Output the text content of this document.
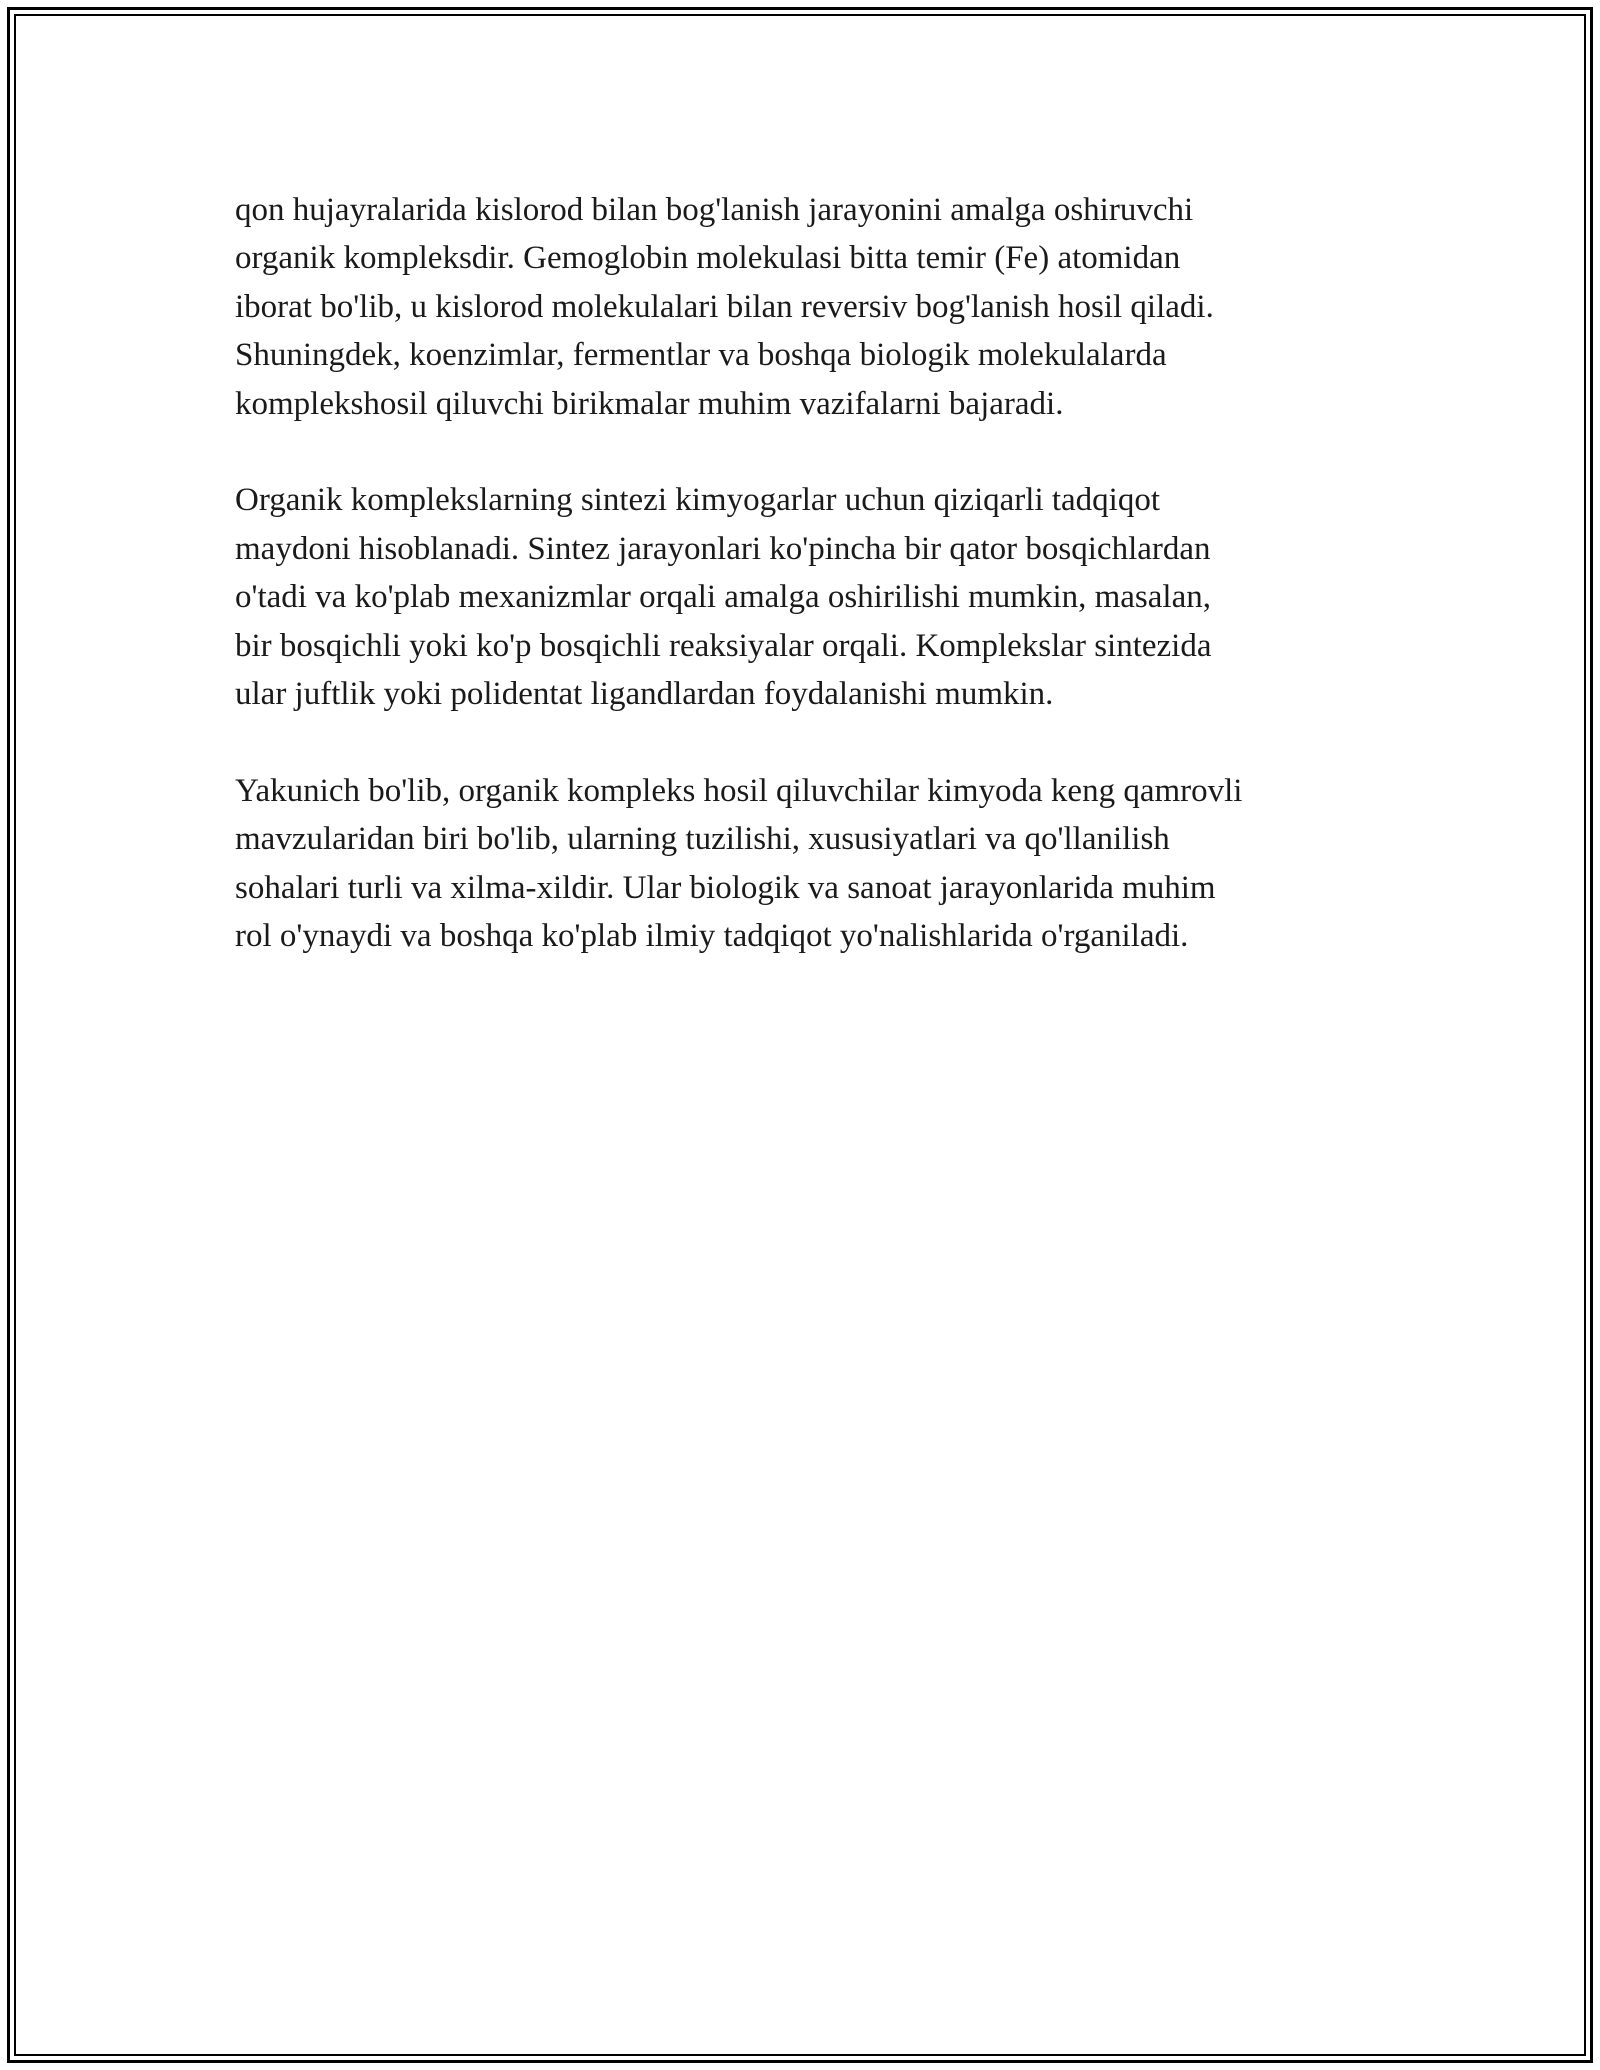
qon hujayralarida kislorod bilan bog'lanish jarayonini amalga oshiruvchi
organik kompleksdir. Gemoglobin molekulasi bitta temir (Fe) atomidan
iborat bo'lib, u kislorod molekulalari bilan reversiv bog'lanish hosil qiladi.
Shuningdek, koenzimlar, fermentlar va boshqa biologik molekulalarda
komplekshosil qiluvchi birikmalar muhim vazifalarni bajaradi.

Organik komplekslarning sintezi kimyogarlar uchun qiziqarli tadqiqot
maydoni hisoblanadi. Sintez jarayonlari ko'pincha bir qator bosqichlardan
o'tadi va ko'plab mexanizmlar orqali amalga oshirilishi mumkin, masalan,
bir bosqichli yoki ko'p bosqichli reaksiyalar orqali. Komplekslar sintezida
ular juftlik yoki polidentat ligandlardan foydalanishi mumkin.

Yakunich bo'lib, organik kompleks hosil qiluvchilar kimyoda keng qamrovli
mavzularidan biri bo'lib, ularning tuzilishi, xususiyatlari va qo'llanilish
sohalari turli va xilma-xildir. Ular biologik va sanoat jarayonlarida muhim
rol o'ynaydi va boshqa ko'plab ilmiy tadqiqot yo'nalishlarida o'rganiladi.
